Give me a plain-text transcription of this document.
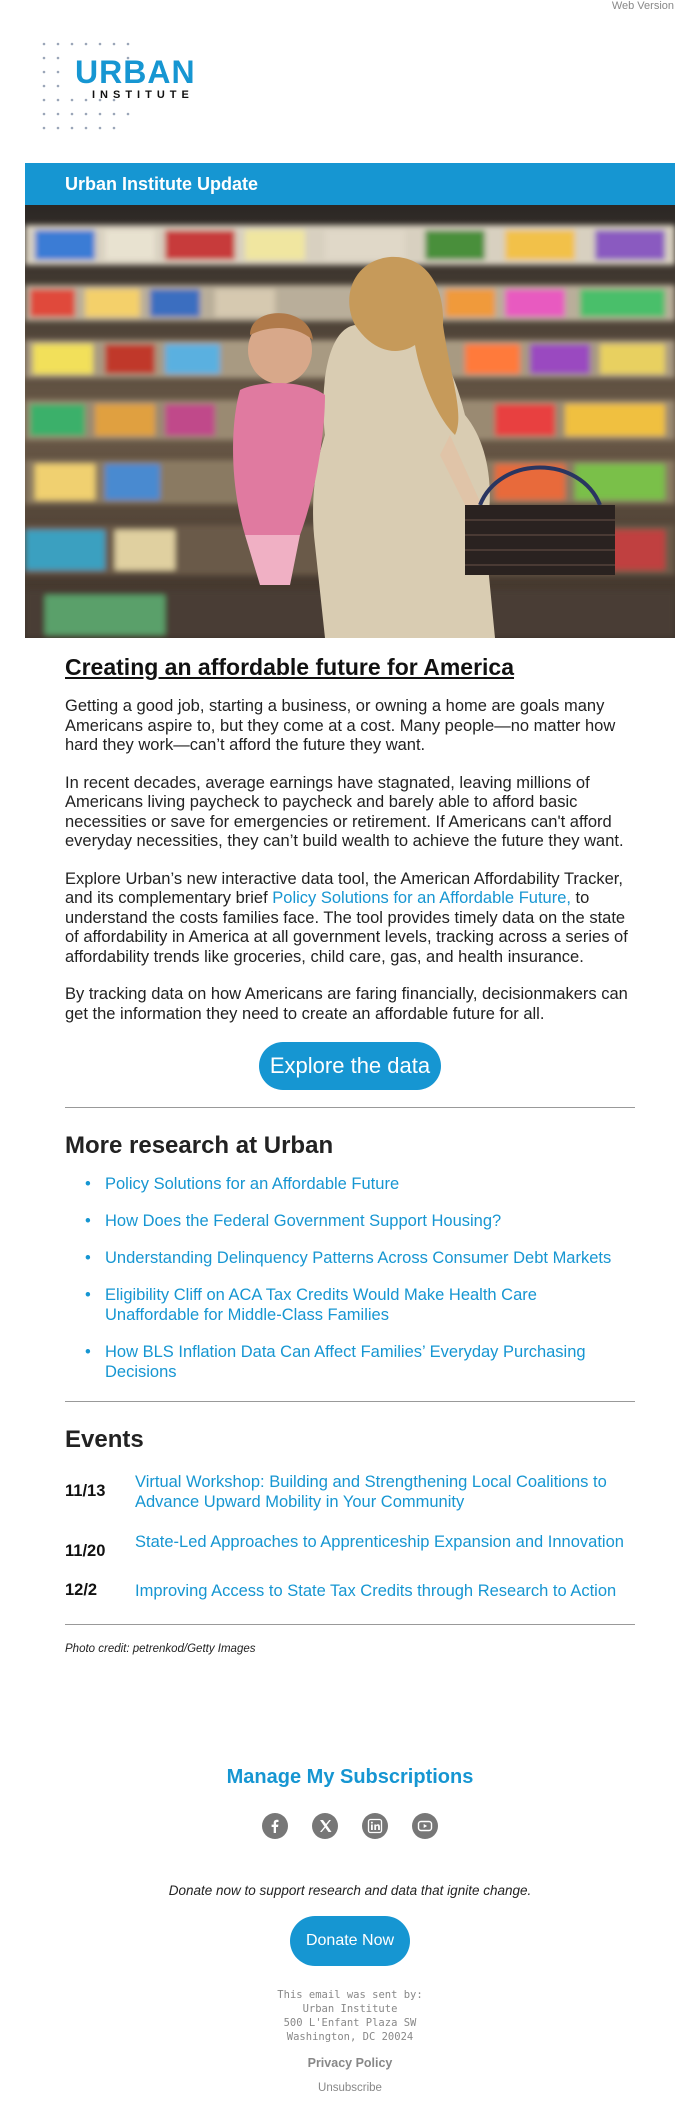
Web Version
URBAN
INSTITUTE
Urban Institute Update
Creating an affordable future for America

Getting a good job, starting a business, or owning a home are goals many Americans aspire to, but they come at a cost. Many people—no matter how hard they work—can’t afford the future they want.

In recent decades, average earnings have stagnated, leaving millions of Americans living paycheck to paycheck and barely able to afford basic necessities or save for emergencies or retirement. If Americans can't afford everyday necessities, they can’t build wealth to achieve the future they want.

Explore Urban’s new interactive data tool, the American Affordability Tracker, and its complementary brief Policy Solutions for an Affordable Future, to understand the costs families face. The tool provides timely data on the state of affordability in America at all government levels, tracking across a series of affordability trends like groceries, child care, gas, and health insurance.

By tracking data on how Americans are faring financially, decisionmakers can get the information they need to create an affordable future for all.

Explore the data
More research at Urban
• Policy Solutions for an Affordable Future
• How Does the Federal Government Support Housing?
• Understanding Delinquency Patterns Across Consumer Debt Markets
• Eligibility Cliff on ACA Tax Credits Would Make Health Care Unaffordable for Middle-Class Families
• How BLS Inflation Data Can Affect Families’ Everyday Purchasing Decisions
Events
11/13	Virtual Workshop: Building and Strengthening Local Coalitions to Advance Upward Mobility in Your Community
11/20	State-Led Approaches to Apprenticeship Expansion and Innovation
12/2	Improving Access to State Tax Credits through Research to Action
Photo credit: petrenkod/Getty Images
Manage My Subscriptions
Donate now to support research and data that ignite change.
Donate Now
This email was sent by:
Urban Institute
500 L'Enfant Plaza SW
Washington, DC 20024
Privacy Policy
Unsubscribe
